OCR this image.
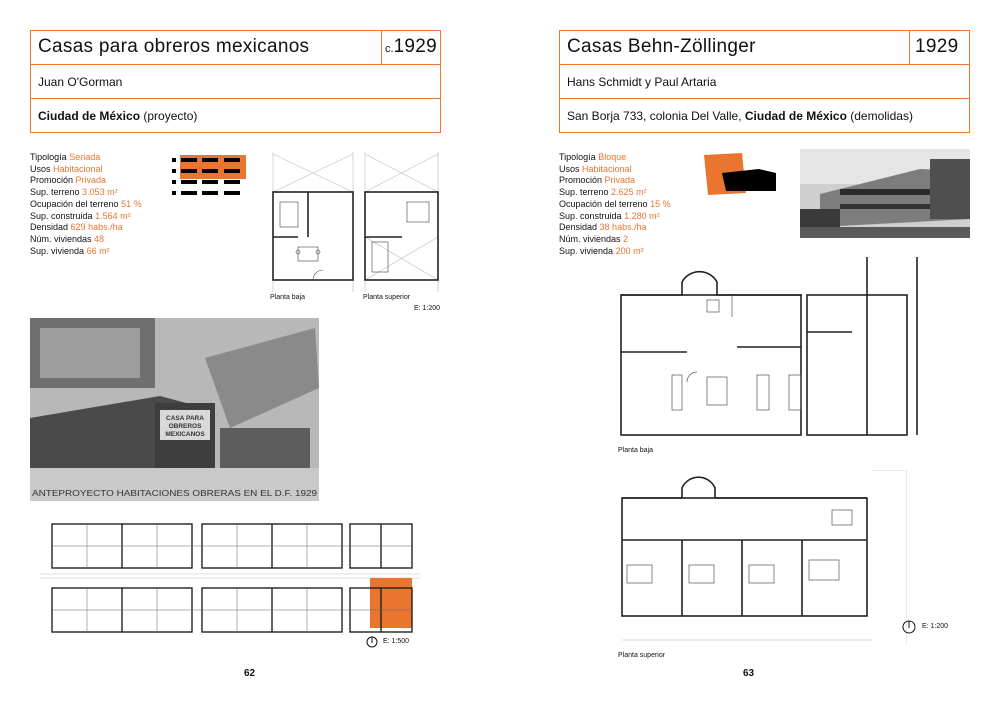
Casas para obreros mexicanos	c.1929
Juan O'Gorman
Ciudad de México (proyecto)
Tipología Seriada
Usos Habitacional
Promoción Privada
Sup. terreno 3.053 m²
Ocupación del terreno 51 %
Sup. construida 1.564 m²
Densidad 629 habs./ha
Núm. viviendas 48
Sup. vivienda 66 m²
Planta baja	Planta superior
E: 1:200
CASA PARA OBREROS MEXICANOS
ANTEPROYECTO HABITACIONES OBRERAS EN EL D.F. 1929
E: 1:500
62
Casas Behn-Zöllinger	1929
Hans Schmidt y Paul Artaria
San Borja 733, colonia Del Valle, Ciudad de México (demolidas)
Tipología Bloque
Usos Habitacional
Promoción Privada
Sup. terreno 2.625 m²
Ocupación del terreno 15 %
Sup. construida 1.280 m²
Densidad 38 habs./ha
Núm. viviendas 2
Sup. vivienda 200 m²
Planta baja
Planta superior
E: 1:200
63
